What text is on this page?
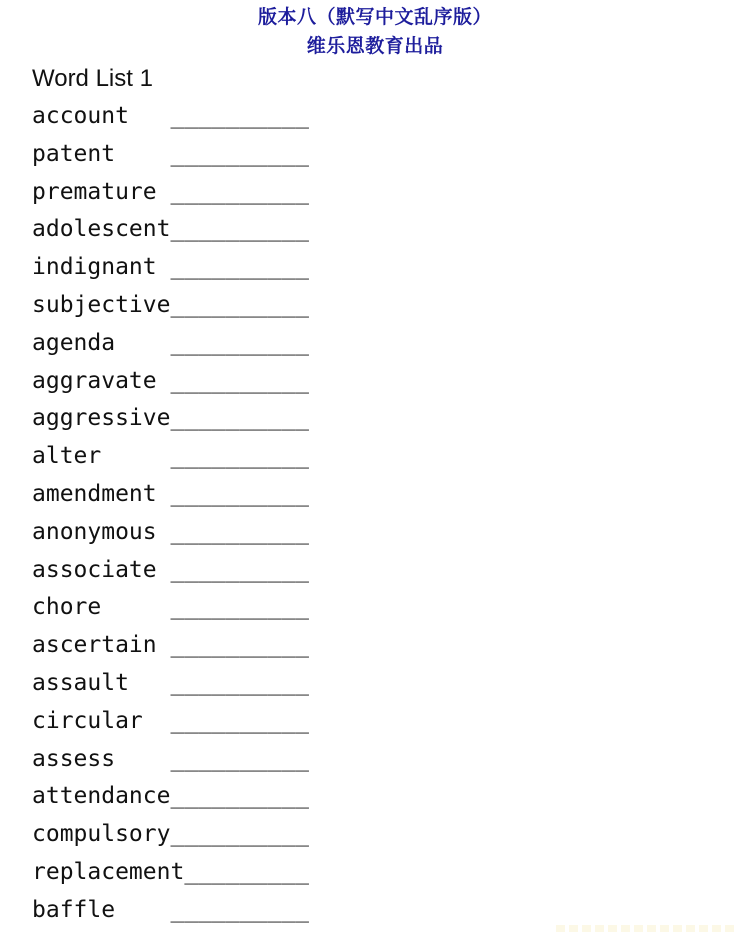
版本八（默写中文乱序版）
维乐恩教育出品
Word List 1
account   __________
patent    __________
premature __________
adolescent__________
indignant __________
subjective__________
agenda    __________
aggravate __________
aggressive__________
alter     __________
amendment __________
anonymous __________
associate __________
chore     __________
ascertain __________
assault   __________
circular  __________
assess    __________
attendance__________
compulsory__________
replacement_________
baffle    __________
